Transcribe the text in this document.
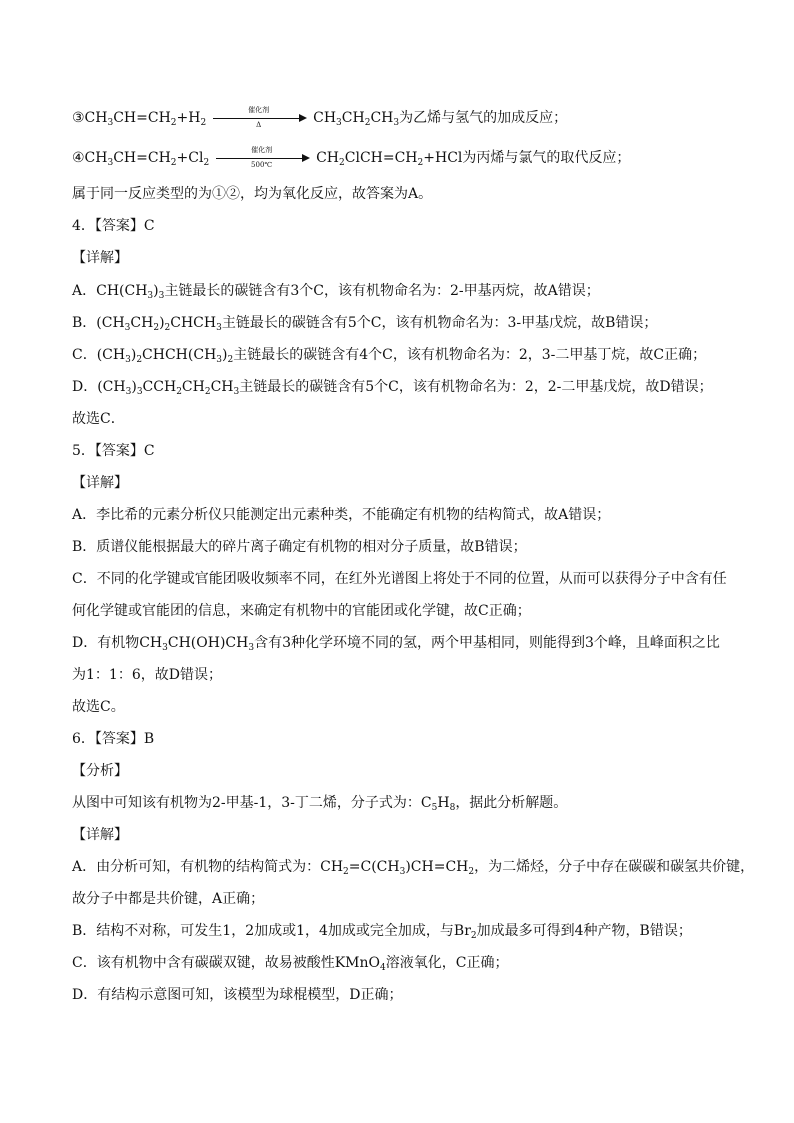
$③CH_3CH=CH_2+H_2$
催化剂
Δ	$CH_3CH_2CH_3$为乙烯与氢气的加成反应；
$④CH_3CH=CH_2+Cl_2$
催化剂
500℃	$CH_2ClCH=CH_2+HCl$为丙烯与氯气的取代反应；
属于同一反应类型的为①②，均为氧化反应，故答案为A。
4．【答案】C
【详解】
A．$CH(CH_3)_3$主链最长的碳链含有3个C，该有机物命名为：2-甲基丙烷，故A错误；
B．$(CH_3CH_2)_2CHCH_3$主链最长的碳链含有5个C，该有机物命名为：3-甲基戊烷，故B错误；
C．$(CH_3)_2CHCH(CH_3)_2$主链最长的碳链含有4个C，该有机物命名为：2，3-二甲基丁烷，故C正确；
D．$(CH_3)_3CCH_2CH_2CH_3$主链最长的碳链含有5个C，该有机物命名为：2，2-二甲基戊烷，故D错误；
故选C．
5．【答案】C
【详解】
A．李比希的元素分析仪只能测定出元素种类，不能确定有机物的结构简式，故A错误；
B．质谱仪能根据最大的碎片离子确定有机物的相对分子质量，故B错误；
C．不同的化学键或官能团吸收频率不同，在红外光谱图上将处于不同的位置，从而可以获得分子中含有任
何化学键或官能团的信息，来确定有机物中的官能团或化学键，故C正确；
D．有机物$CH_3CH(OH)CH_3$含有3种化学环境不同的氢，两个甲基相同，则能得到3个峰，且峰面积之比
为1：1：6，故D错误；
故选C。
6．【答案】B
【分析】
从图中可知该有机物为2-甲基-1，3-丁二烯，分子式为：$C_5H_8$，据此分析解题。
【详解】
A．由分析可知，有机物的结构简式为：$CH_2=C(CH_3)CH=CH_2$，为二烯烃，分子中存在碳碳和碳氢共价键，
故分子中都是共价键，A正确；
B．结构不对称，可发生1，2加成或1，4加成或完全加成，与$Br_2$加成最多可得到4种产物，B错误；
C．该有机物中含有碳碳双键，故易被酸性KMnO$_4$溶液氧化，C正确；
D．有结构示意图可知，该模型为球棍模型，D正确；
